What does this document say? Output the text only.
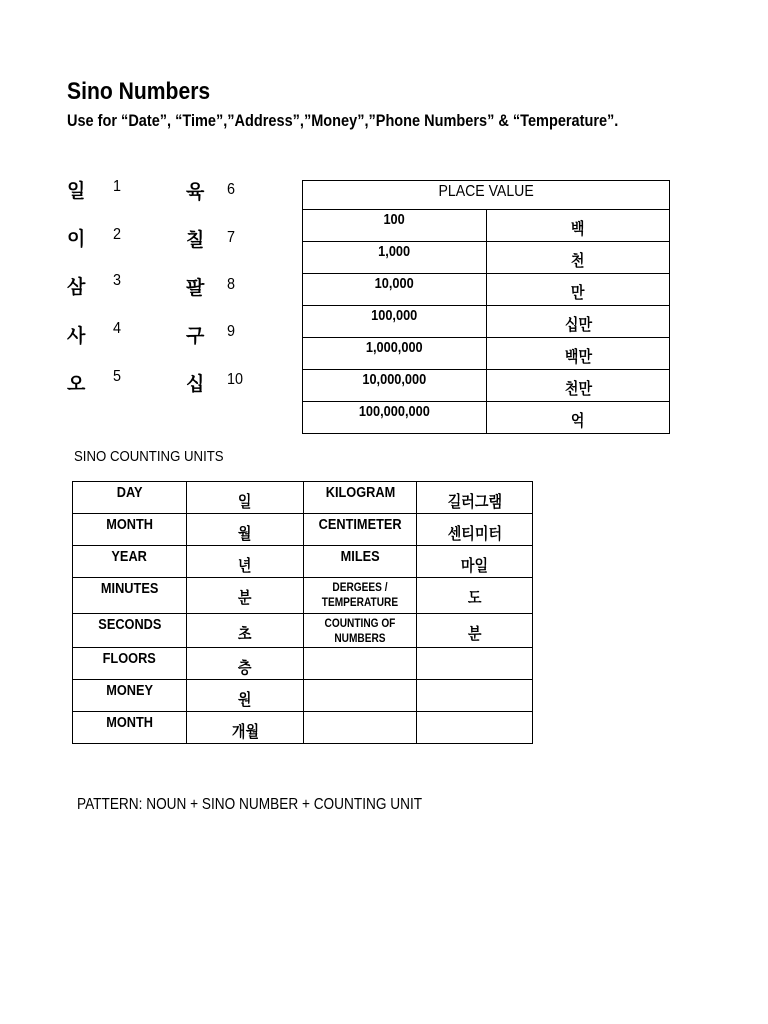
Sino Numbers
Use for “Date”, “Time”,”Address”,”Money”,”Phone Numbers” & “Temperature”.
일 1
이 2
삼 3
사 4
오 5
육 6
칠 7
팔 8
구 9
십 10
PLACE VALUE	
100	백
1,000	천
10,000	만
100,000	십만
1,000,000	백만
10,000,000	천만
100,000,000	억
SINO COUNTING UNITS
DAY	일	KILOGRAM	길러그램
MONTH	월	CENTIMETER	센티미터
YEAR	년	MILES	마일
MINUTES	분	DERGEES / TEMPERATURE	도
SECONDS	초	COUNTING OF NUMBERS	분
FLOORS	층		
MONEY	원		
MONTH	개월		
PATTERN: NOUN + SINO NUMBER + COUNTING UNIT
